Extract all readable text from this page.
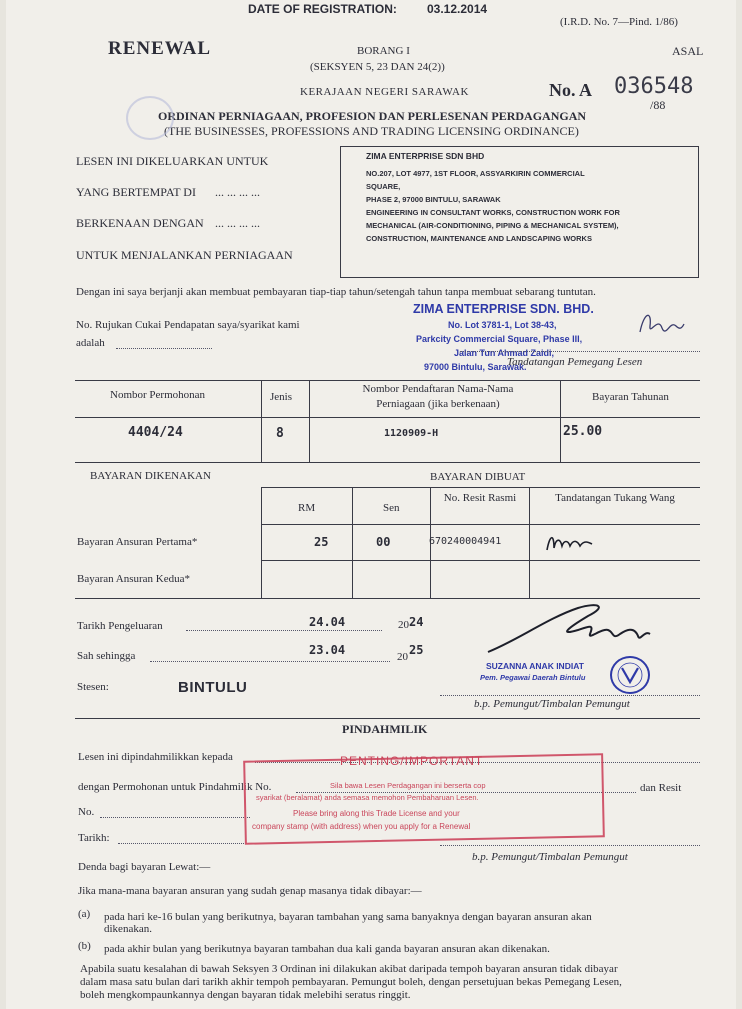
DATE OF REGISTRATION:	03.12.2014
(I.R.D. No. 7—Pind. 1/86)
RENEWAL	ASAL
BORANG I
(SEKSYEN 5, 23 DAN 24(2))
KERAJAAN NEGERI SARAWAK	No. A 036548
/88
ORDINAN PERNIAGAAN, PROFESION DAN PERLESENAN PERDAGANGAN
(THE BUSINESSES, PROFESSIONS AND TRADING LICENSING ORDINANCE)
LESEN INI DIKELUARKAN UNTUK
YANG BERTEMPAT DI ... ... ... ...
BERKENAAN DENGAN ... ... ... ...
UNTUK MENJALANKAN PERNIAGAAN
ZIMA ENTERPRISE SDN BHD
NO.207, LOT 4977, 1ST FLOOR, ASSYARKIRIN COMMERCIAL
SQUARE,
PHASE 2, 97000 BINTULU, SARAWAK
ENGINEERING IN CONSULTANT WORKS, CONSTRUCTION WORK FOR
MECHANICAL (AIR-CONDITIONING, PIPING & MECHANICAL SYSTEM),
CONSTRUCTION, MAINTENANCE AND LANDSCAPING WORKS
Dengan ini saya berjanji akan membuat pembayaran tiap-tiap tahun/setengah tahun tanpa membuat sebarang tuntutan.
No. Rujukan Cukai Pendapatan saya/syarikat kami
adalah
ZIMA ENTERPRISE SDN. BHD.
No. Lot 3781-1, Lot 38-43,
Parkcity Commercial Square, Phase III,
Jalan Tun Ahmad Zaidi,
97000 Bintulu, Sarawak.
Tandatangan Pemegang Lesen
Nombor Permohonan	Jenis
Nombor Pendaftaran Nama-Nama Perniagaan (jika berkenaan)
Bayaran Tahunan
4404/24	8	1120909-H	25.00
BAYARAN DIKENAKAN	BAYARAN DIBUAT
RM	Sen
No. Resit Rasmi	Tandatangan Tukang Wang
Bayaran Ansuran Pertama*	25	00	670240004941
Bayaran Ansuran Kedua*
Tarikh Pengeluaran	24.04	20 24
Sah sehingga	23.04	20 25
Stesen:	BINTULU
SUZANNA ANAK INDIAT
Pem. Pegawai Daerah Bintulu
b.p. Pemungut/Timbalan Pemungut
PINDAHMILIK
Lesen ini dipindahmilikkan kepada
dengan Permohonan untuk Pindahmilik No.	dan Resit
No.
Tarikh:
b.p. Pemungut/Timbalan Pemungut
PENTING/IMPORTANT
Sila bawa Lesen Perdagangan ini berserta cop
syarikat (beralamat) anda semasa memohon Pembaharuan Lesen.
Please bring along this Trade License and your
company stamp (with address) when you apply for a Renewal
Denda bagi bayaran Lewat:—
Jika mana-mana bayaran ansuran yang sudah genap masanya tidak dibayar:—
(a) pada hari ke-16 bulan yang berikutnya, bayaran tambahan yang sama banyaknya dengan bayaran ansuran akan
dikenakan.
(b) pada akhir bulan yang berikutnya bayaran tambahan dua kali ganda bayaran ansuran akan dikenakan.
Apabila suatu kesalahan di bawah Seksyen 3 Ordinan ini dilakukan akibat daripada tempoh bayaran ansuran tidak dibayar
dalam masa satu bulan dari tarikh akhir tempoh pembayaran. Pemungut boleh, dengan persetujuan bekas Pemegang Lesen,
boleh mengkompaunkannya dengan bayaran tidak melebihi seratus ringgit.
